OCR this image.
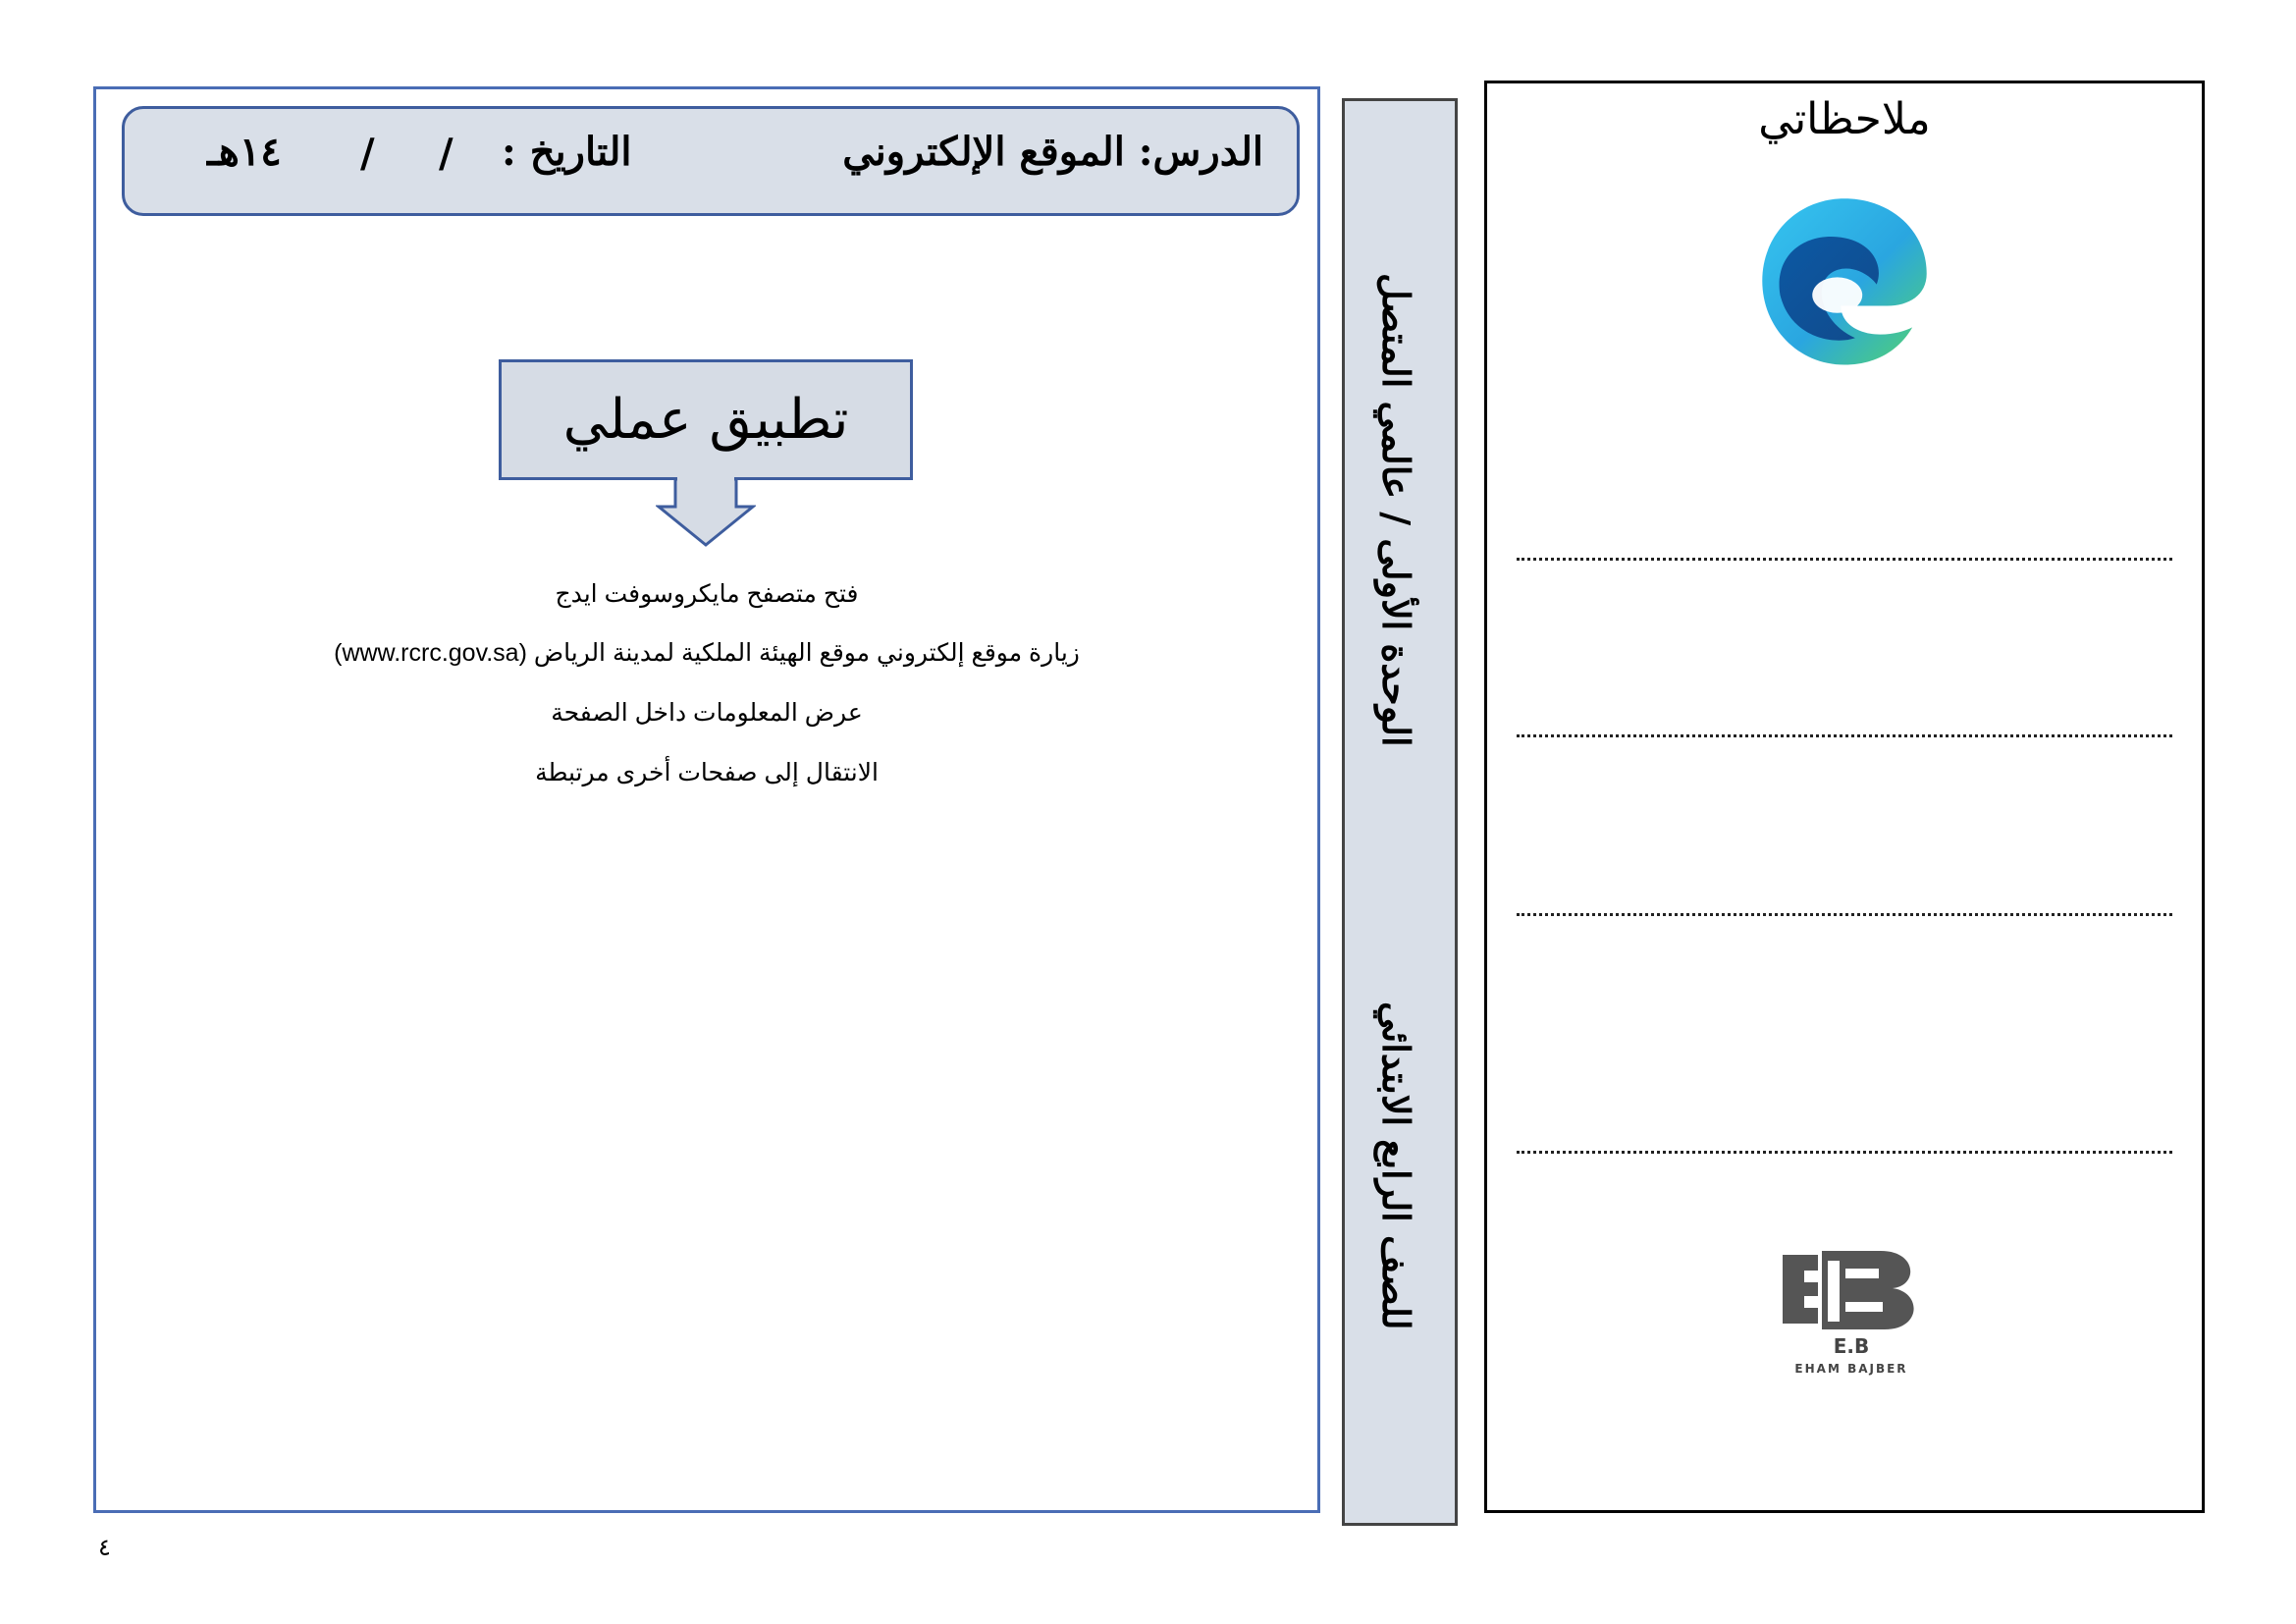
الدرس: الموقع الإلكتروني
التاريخ :
/
/
١٤هـ
تطبيق عملي
فتح متصفح مايكروسوفت ايدج
زيارة موقع إلكتروني موقع الهيئة الملكية لمدينة الرياض (www.rcrc.gov.sa)
عرض المعلومات داخل الصفحة
الانتقال إلى صفحات أخرى مرتبطة
الوحدة الأولى / عالمي المتصل
للصف الرابع الابتدائي
ملاحظاتي
E.B
EHAM BAJBER
٤
